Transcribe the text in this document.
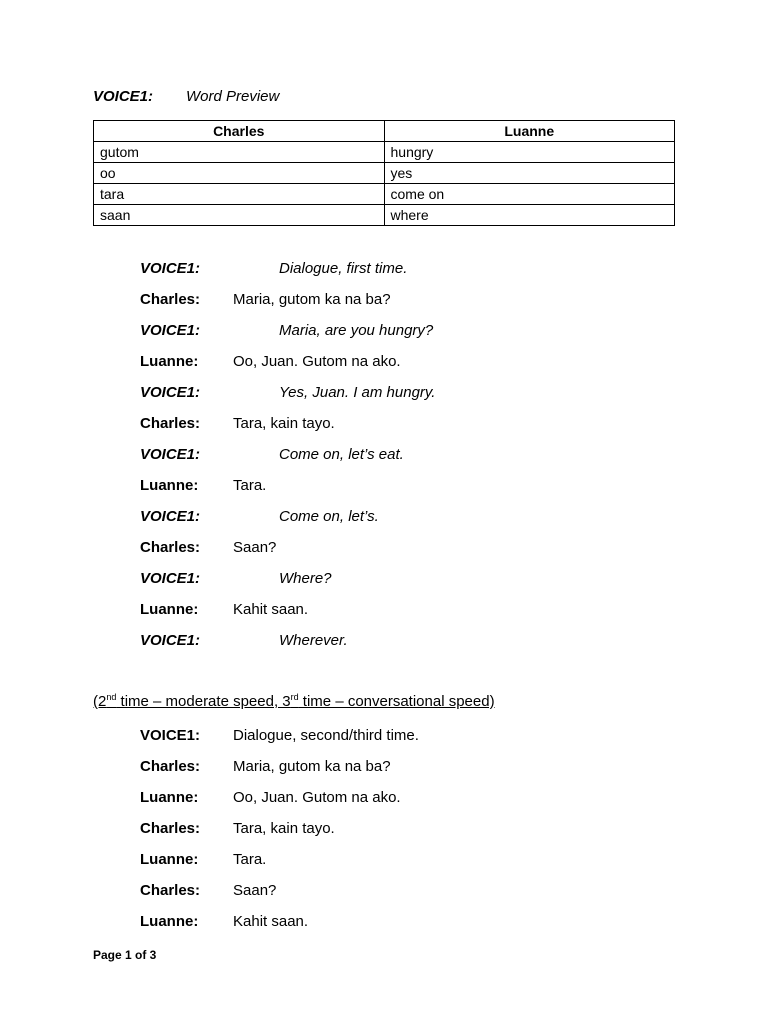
VOICE1: Word Preview
Charles	Luanne
gutom	hungry
oo	yes
tara	come on
saan	where
VOICE1:	Dialogue, first time.
Charles: Maria, gutom ka na ba?
VOICE1:	Maria, are you hungry?
Luanne: Oo, Juan. Gutom na ako.
VOICE1:	Yes, Juan. I am hungry.
Charles: Tara, kain tayo.
VOICE1:	Come on, let’s eat.
Luanne: Tara.
VOICE1:	Come on, let’s.
Charles: Saan?
VOICE1:	Where?
Luanne: Kahit saan.
VOICE1:	Wherever.
(2nd time – moderate speed, 3rd time – conversational speed)
VOICE1: Dialogue, second/third time.
Charles: Maria, gutom ka na ba?
Luanne: Oo, Juan. Gutom na ako.
Charles: Tara, kain tayo.
Luanne: Tara.
Charles: Saan?
Luanne: Kahit saan.
Page 1 of 3
